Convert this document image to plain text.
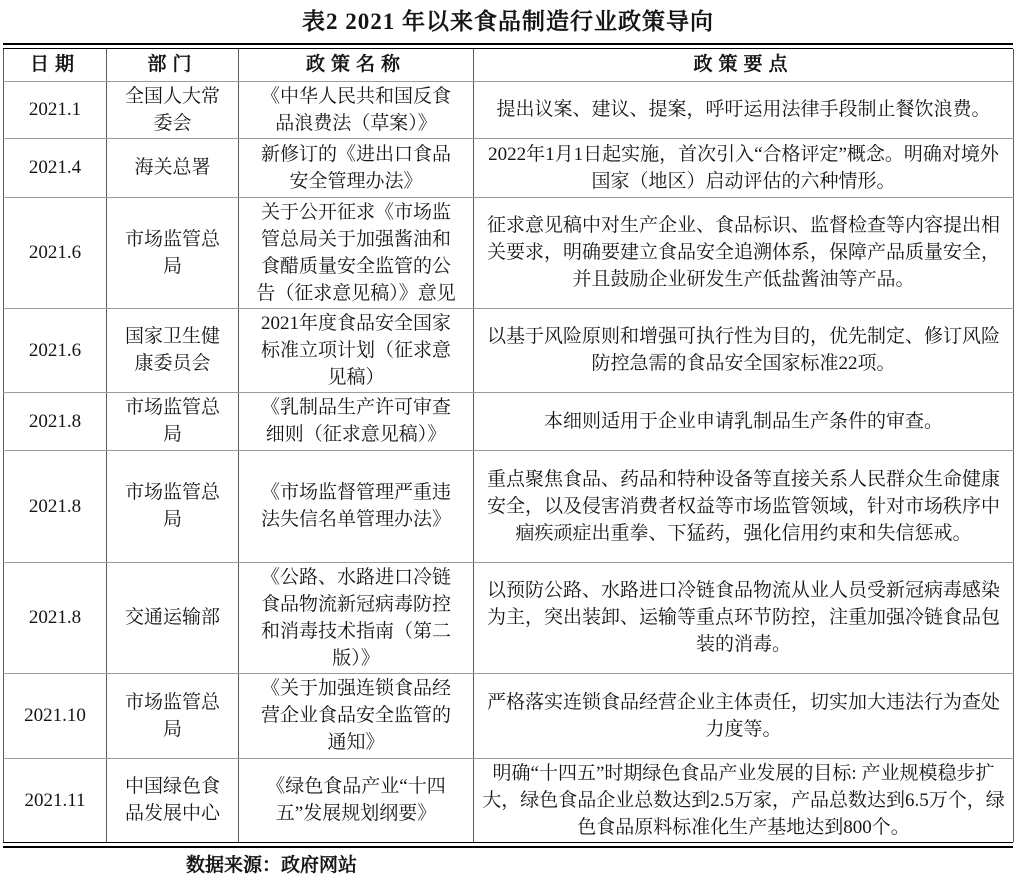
表2 2021 年以来食品制造行业政策导向
日期	部门	政策名称	政策要点
2021.1	全国人大常委会	《中华人民共和国反食品浪费法（草案）》	提出议案、建议、提案，呼吁运用法律手段制止餐饮浪费。
2021.4	海关总署	新修订的《进出口食品安全管理办法》	2022年1月1日起实施，首次引入“合格评定”概念。明确对境外国家（地区）启动评估的六种情形。
2021.6	市场监管总局	关于公开征求《市场监管总局关于加强酱油和食醋质量安全监管的公告（征求意见稿）》意见	征求意见稿中对生产企业、食品标识、监督检查等内容提出相关要求，明确要建立食品安全追溯体系，保障产品质量安全，并且鼓励企业研发生产低盐酱油等产品。
2021.6	国家卫生健康委员会	2021年度食品安全国家标准立项计划（征求意见稿）	以基于风险原则和增强可执行性为目的，优先制定、修订风险防控急需的食品安全国家标准22项。
2021.8	市场监管总局	《乳制品生产许可审查细则（征求意见稿）》	本细则适用于企业申请乳制品生产条件的审查。
2021.8	市场监管总局	《市场监督管理严重违法失信名单管理办法》	重点聚焦食品、药品和特种设备等直接关系人民群众生命健康安全，以及侵害消费者权益等市场监管领域，针对市场秩序中痼疾顽症出重拳、下猛药，强化信用约束和失信惩戒。
2021.8	交通运输部	《公路、水路进口冷链食品物流新冠病毒防控和消毒技术指南（第二版）》	以预防公路、水路进口冷链食品物流从业人员受新冠病毒感染为主，突出装卸、运输等重点环节防控，注重加强冷链食品包装的消毒。
2021.10	市场监管总局	《关于加强连锁食品经营企业食品安全监管的通知》	严格落实连锁食品经营企业主体责任，切实加大违法行为查处力度等。
2021.11	中国绿色食品发展中心	《绿色食品产业“十四五”发展规划纲要》	明确“十四五”时期绿色食品产业发展的目标: 产业规模稳步扩大，绿色食品企业总数达到2.5万家，产品总数达到6.5万个，绿色食品原料标准化生产基地达到800个。
数据来源：政府网站
